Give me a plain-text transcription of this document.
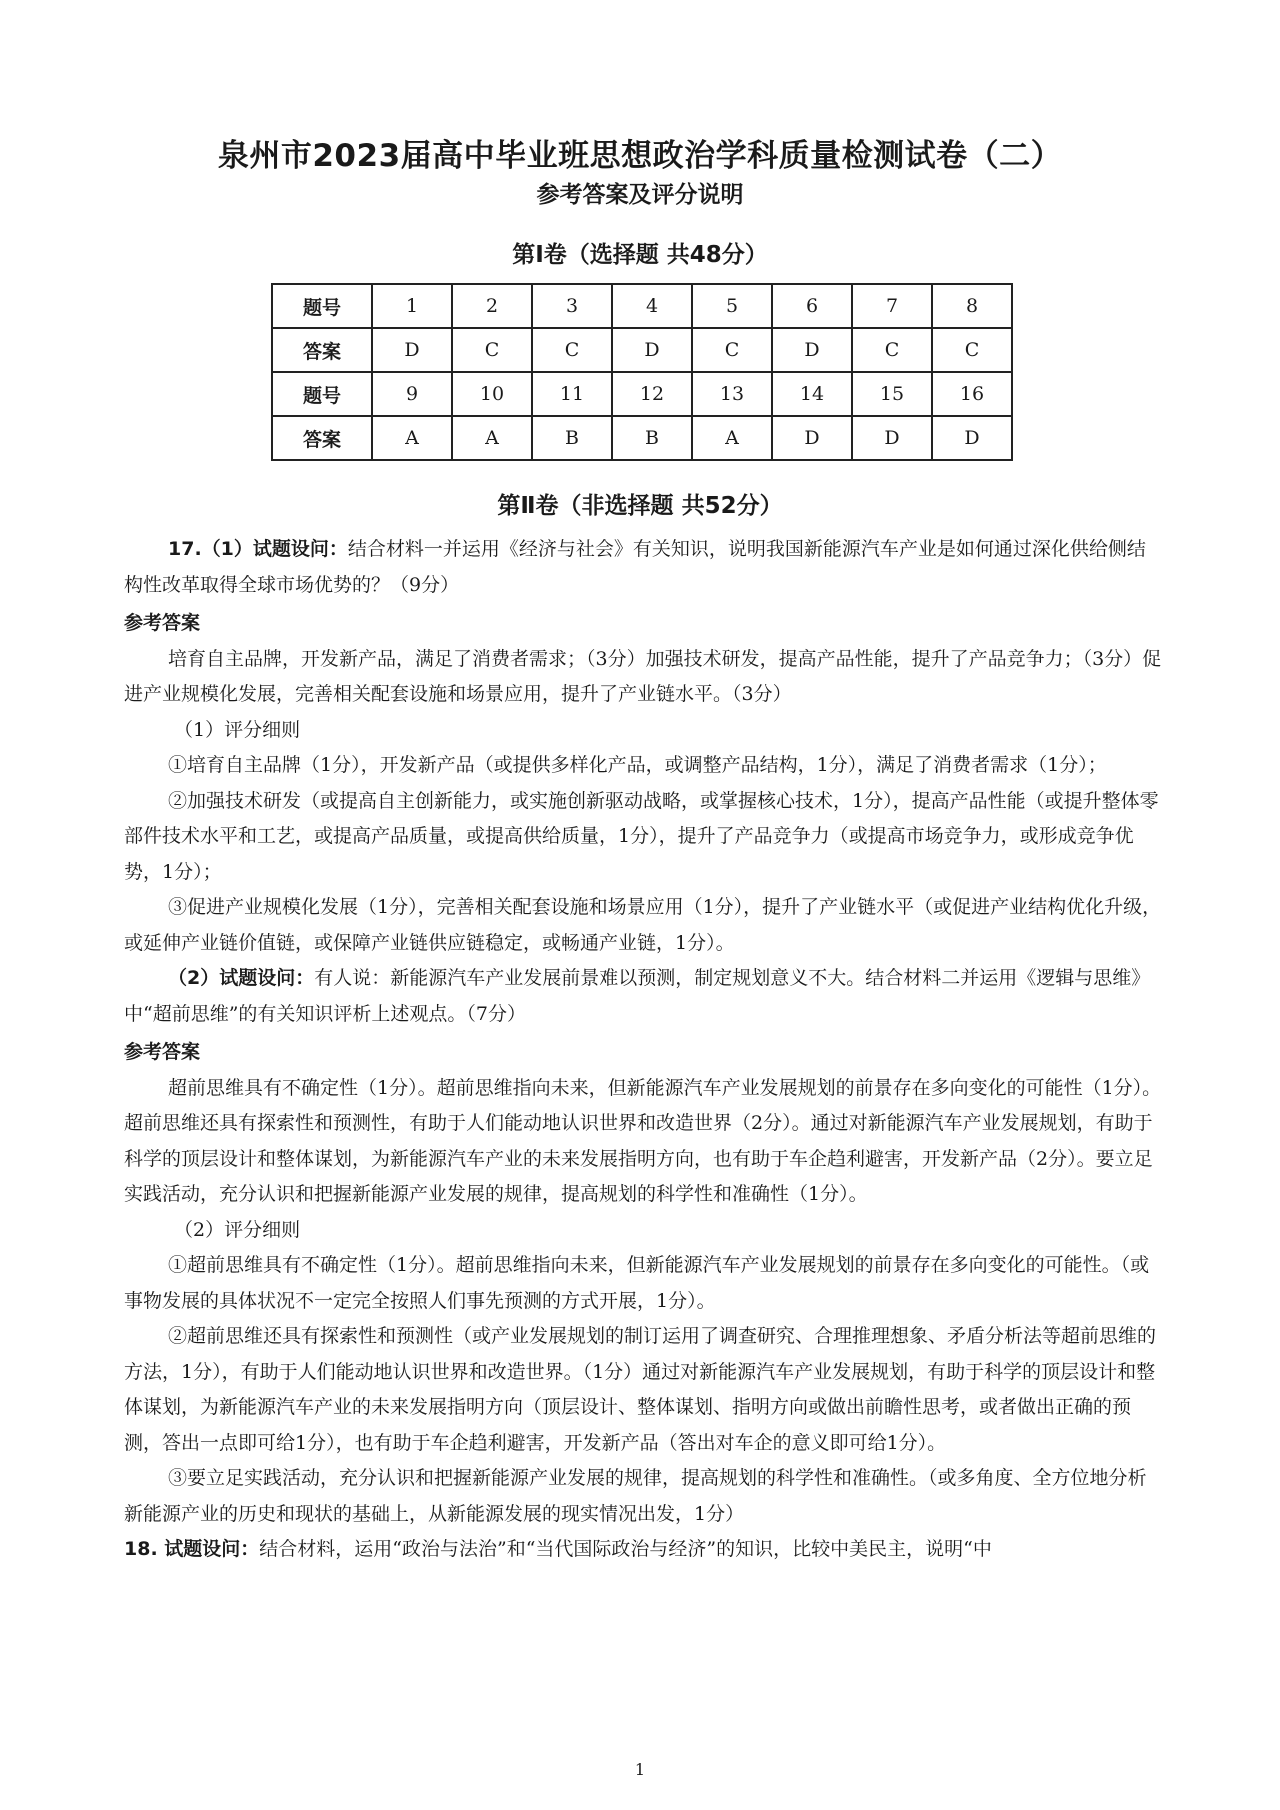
泉州市2023届高中毕业班思想政治学科质量检测试卷（二）
参考答案及评分说明
第Ⅰ卷（选择题 共48分）
题号	1	2	3	4	5	6	7	8
答案	D	C	C	D	C	D	C	C
题号	9	10	11	12	13	14	15	16
答案	A	A	B	B	A	D	D	D
第Ⅱ卷（非选择题 共52分）

17.（1）试题设问：结合材料一并运用《经济与社会》有关知识，说明我国新能源汽车产业是如何通过深化供给侧结构性改革取得全球市场优势的？（9分）

参考答案

培育自主品牌，开发新产品，满足了消费者需求；（3分）加强技术研发，提高产品性能，提升了产品竞争力；（3分）促进产业规模化发展，完善相关配套设施和场景应用，提升了产业链水平。（3分）

（1）评分细则

①培育自主品牌（1分），开发新产品（或提供多样化产品，或调整产品结构，1分），满足了消费者需求（1分）；

②加强技术研发（或提高自主创新能力，或实施创新驱动战略，或掌握核心技术，1分），提高产品性能（或提升整体零部件技术水平和工艺，或提高产品质量，或提高供给质量，1分），提升了产品竞争力（或提高市场竞争力，或形成竞争优势，1分）；

③促进产业规模化发展（1分），完善相关配套设施和场景应用（1分），提升了产业链水平（或促进产业结构优化升级，或延伸产业链价值链，或保障产业链供应链稳定，或畅通产业链，1分）。

（2）试题设问：有人说：新能源汽车产业发展前景难以预测，制定规划意义不大。结合材料二并运用《逻辑与思维》中“超前思维”的有关知识评析上述观点。（7分）

参考答案

超前思维具有不确定性（1分）。超前思维指向未来，但新能源汽车产业发展规划的前景存在多向变化的可能性（1分）。超前思维还具有探索性和预测性，有助于人们能动地认识世界和改造世界（2分）。通过对新能源汽车产业发展规划，有助于科学的顶层设计和整体谋划，为新能源汽车产业的未来发展指明方向，也有助于车企趋利避害，开发新产品（2分）。要立足实践活动，充分认识和把握新能源产业发展的规律，提高规划的科学性和准确性（1分）。

（2）评分细则

①超前思维具有不确定性（1分）。超前思维指向未来，但新能源汽车产业发展规划的前景存在多向变化的可能性。（或事物发展的具体状况不一定完全按照人们事先预测的方式开展，1分）。

②超前思维还具有探索性和预测性（或产业发展规划的制订运用了调查研究、合理推理想象、矛盾分析法等超前思维的方法，1分），有助于人们能动地认识世界和改造世界。（1分）通过对新能源汽车产业发展规划，有助于科学的顶层设计和整体谋划，为新能源汽车产业的未来发展指明方向（顶层设计、整体谋划、指明方向或做出前瞻性思考，或者做出正确的预测，答出一点即可给1分），也有助于车企趋利避害，开发新产品（答出对车企的意义即可给1分）。

③要立足实践活动，充分认识和把握新能源产业发展的规律，提高规划的科学性和准确性。（或多角度、全方位地分析新能源产业的历史和现状的基础上，从新能源发展的现实情况出发，1分）

18. 试题设问：结合材料，运用“政治与法治”和“当代国际政治与经济”的知识，比较中美民主，说明“中

1
